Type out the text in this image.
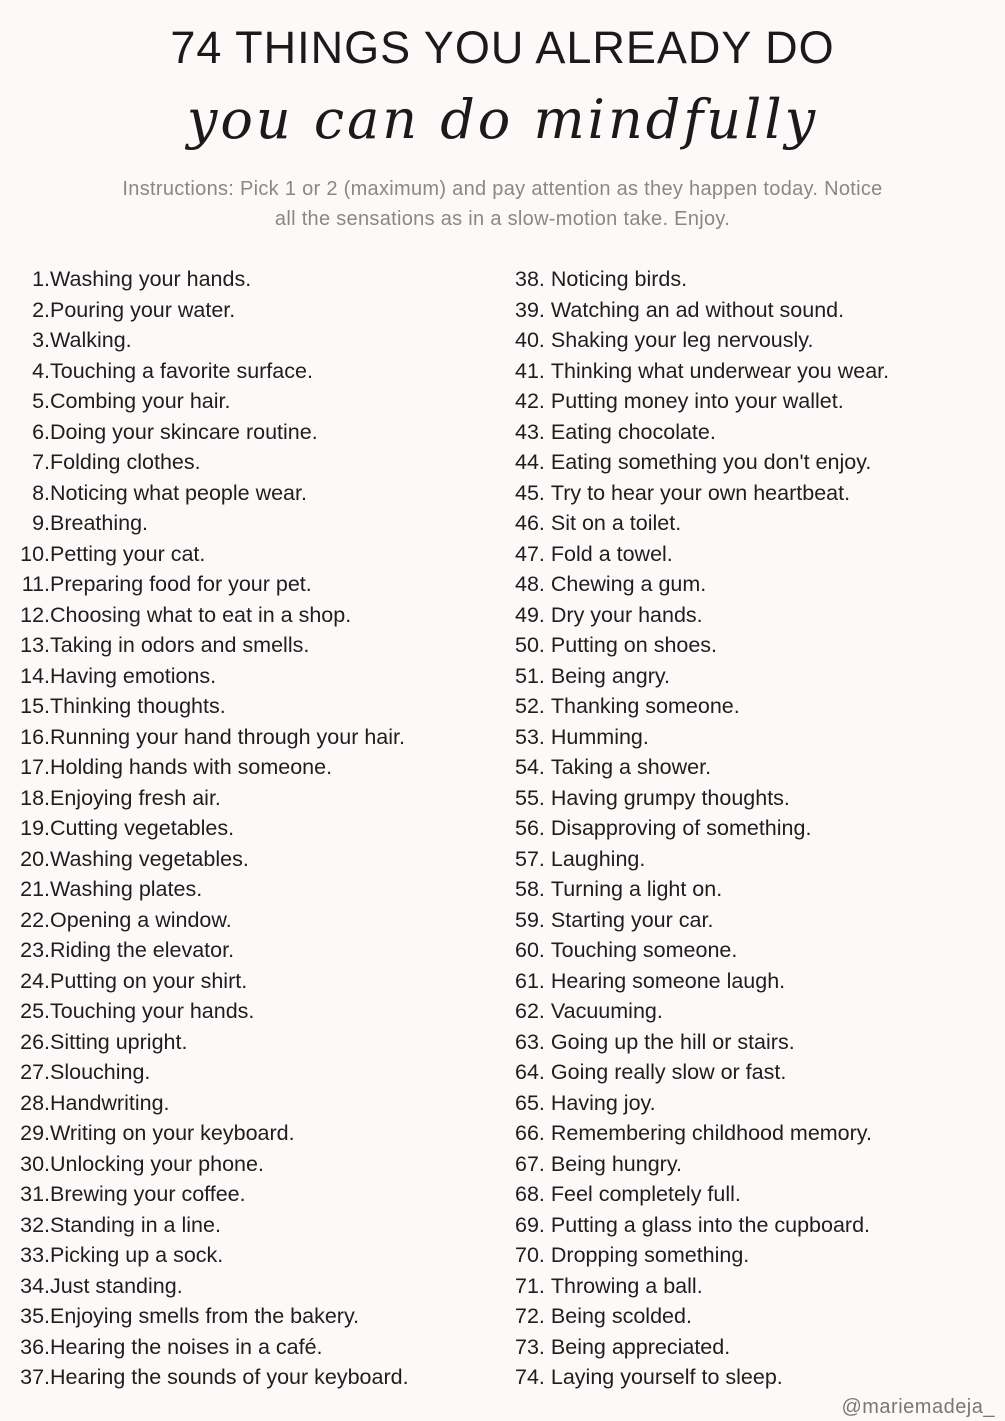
74 THINGS YOU ALREADY DO
you can do mindfully
Instructions: Pick 1 or 2 (maximum) and pay attention as they happen today. Notice all the sensations as in a slow-motion take. Enjoy.
1. Washing your hands.
2. Pouring your water.
3. Walking.
4. Touching a favorite surface.
5. Combing your hair.
6. Doing your skincare routine.
7. Folding clothes.
8. Noticing what people wear.
9. Breathing.
10. Petting your cat.
11. Preparing food for your pet.
12. Choosing what to eat in a shop.
13. Taking in odors and smells.
14. Having emotions.
15. Thinking thoughts.
16. Running your hand through your hair.
17. Holding hands with someone.
18. Enjoying fresh air.
19. Cutting vegetables.
20. Washing vegetables.
21. Washing plates.
22. Opening a window.
23. Riding the elevator.
24. Putting on your shirt.
25. Touching your hands.
26. Sitting upright.
27. Slouching.
28. Handwriting.
29. Writing on your keyboard.
30. Unlocking your phone.
31. Brewing your coffee.
32. Standing in a line.
33. Picking up a sock.
34. Just standing.
35. Enjoying smells from the bakery.
36. Hearing the noises in a café.
37. Hearing the sounds of your keyboard.
38. Noticing birds.
39. Watching an ad without sound.
40. Shaking your leg nervously.
41. Thinking what underwear you wear.
42. Putting money into your wallet.
43. Eating chocolate.
44. Eating something you don't enjoy.
45. Try to hear your own heartbeat.
46. Sit on a toilet.
47. Fold a towel.
48. Chewing a gum.
49. Dry your hands.
50. Putting on shoes.
51. Being angry.
52. Thanking someone.
53. Humming.
54. Taking a shower.
55. Having grumpy thoughts.
56. Disapproving of something.
57. Laughing.
58. Turning a light on.
59. Starting your car.
60. Touching someone.
61. Hearing someone laugh.
62. Vacuuming.
63. Going up the hill or stairs.
64. Going really slow or fast.
65. Having joy.
66. Remembering childhood memory.
67. Being hungry.
68. Feel completely full.
69. Putting a glass into the cupboard.
70. Dropping something.
71. Throwing a ball.
72. Being scolded.
73. Being appreciated.
74. Laying yourself to sleep.
@mariemadeja_
